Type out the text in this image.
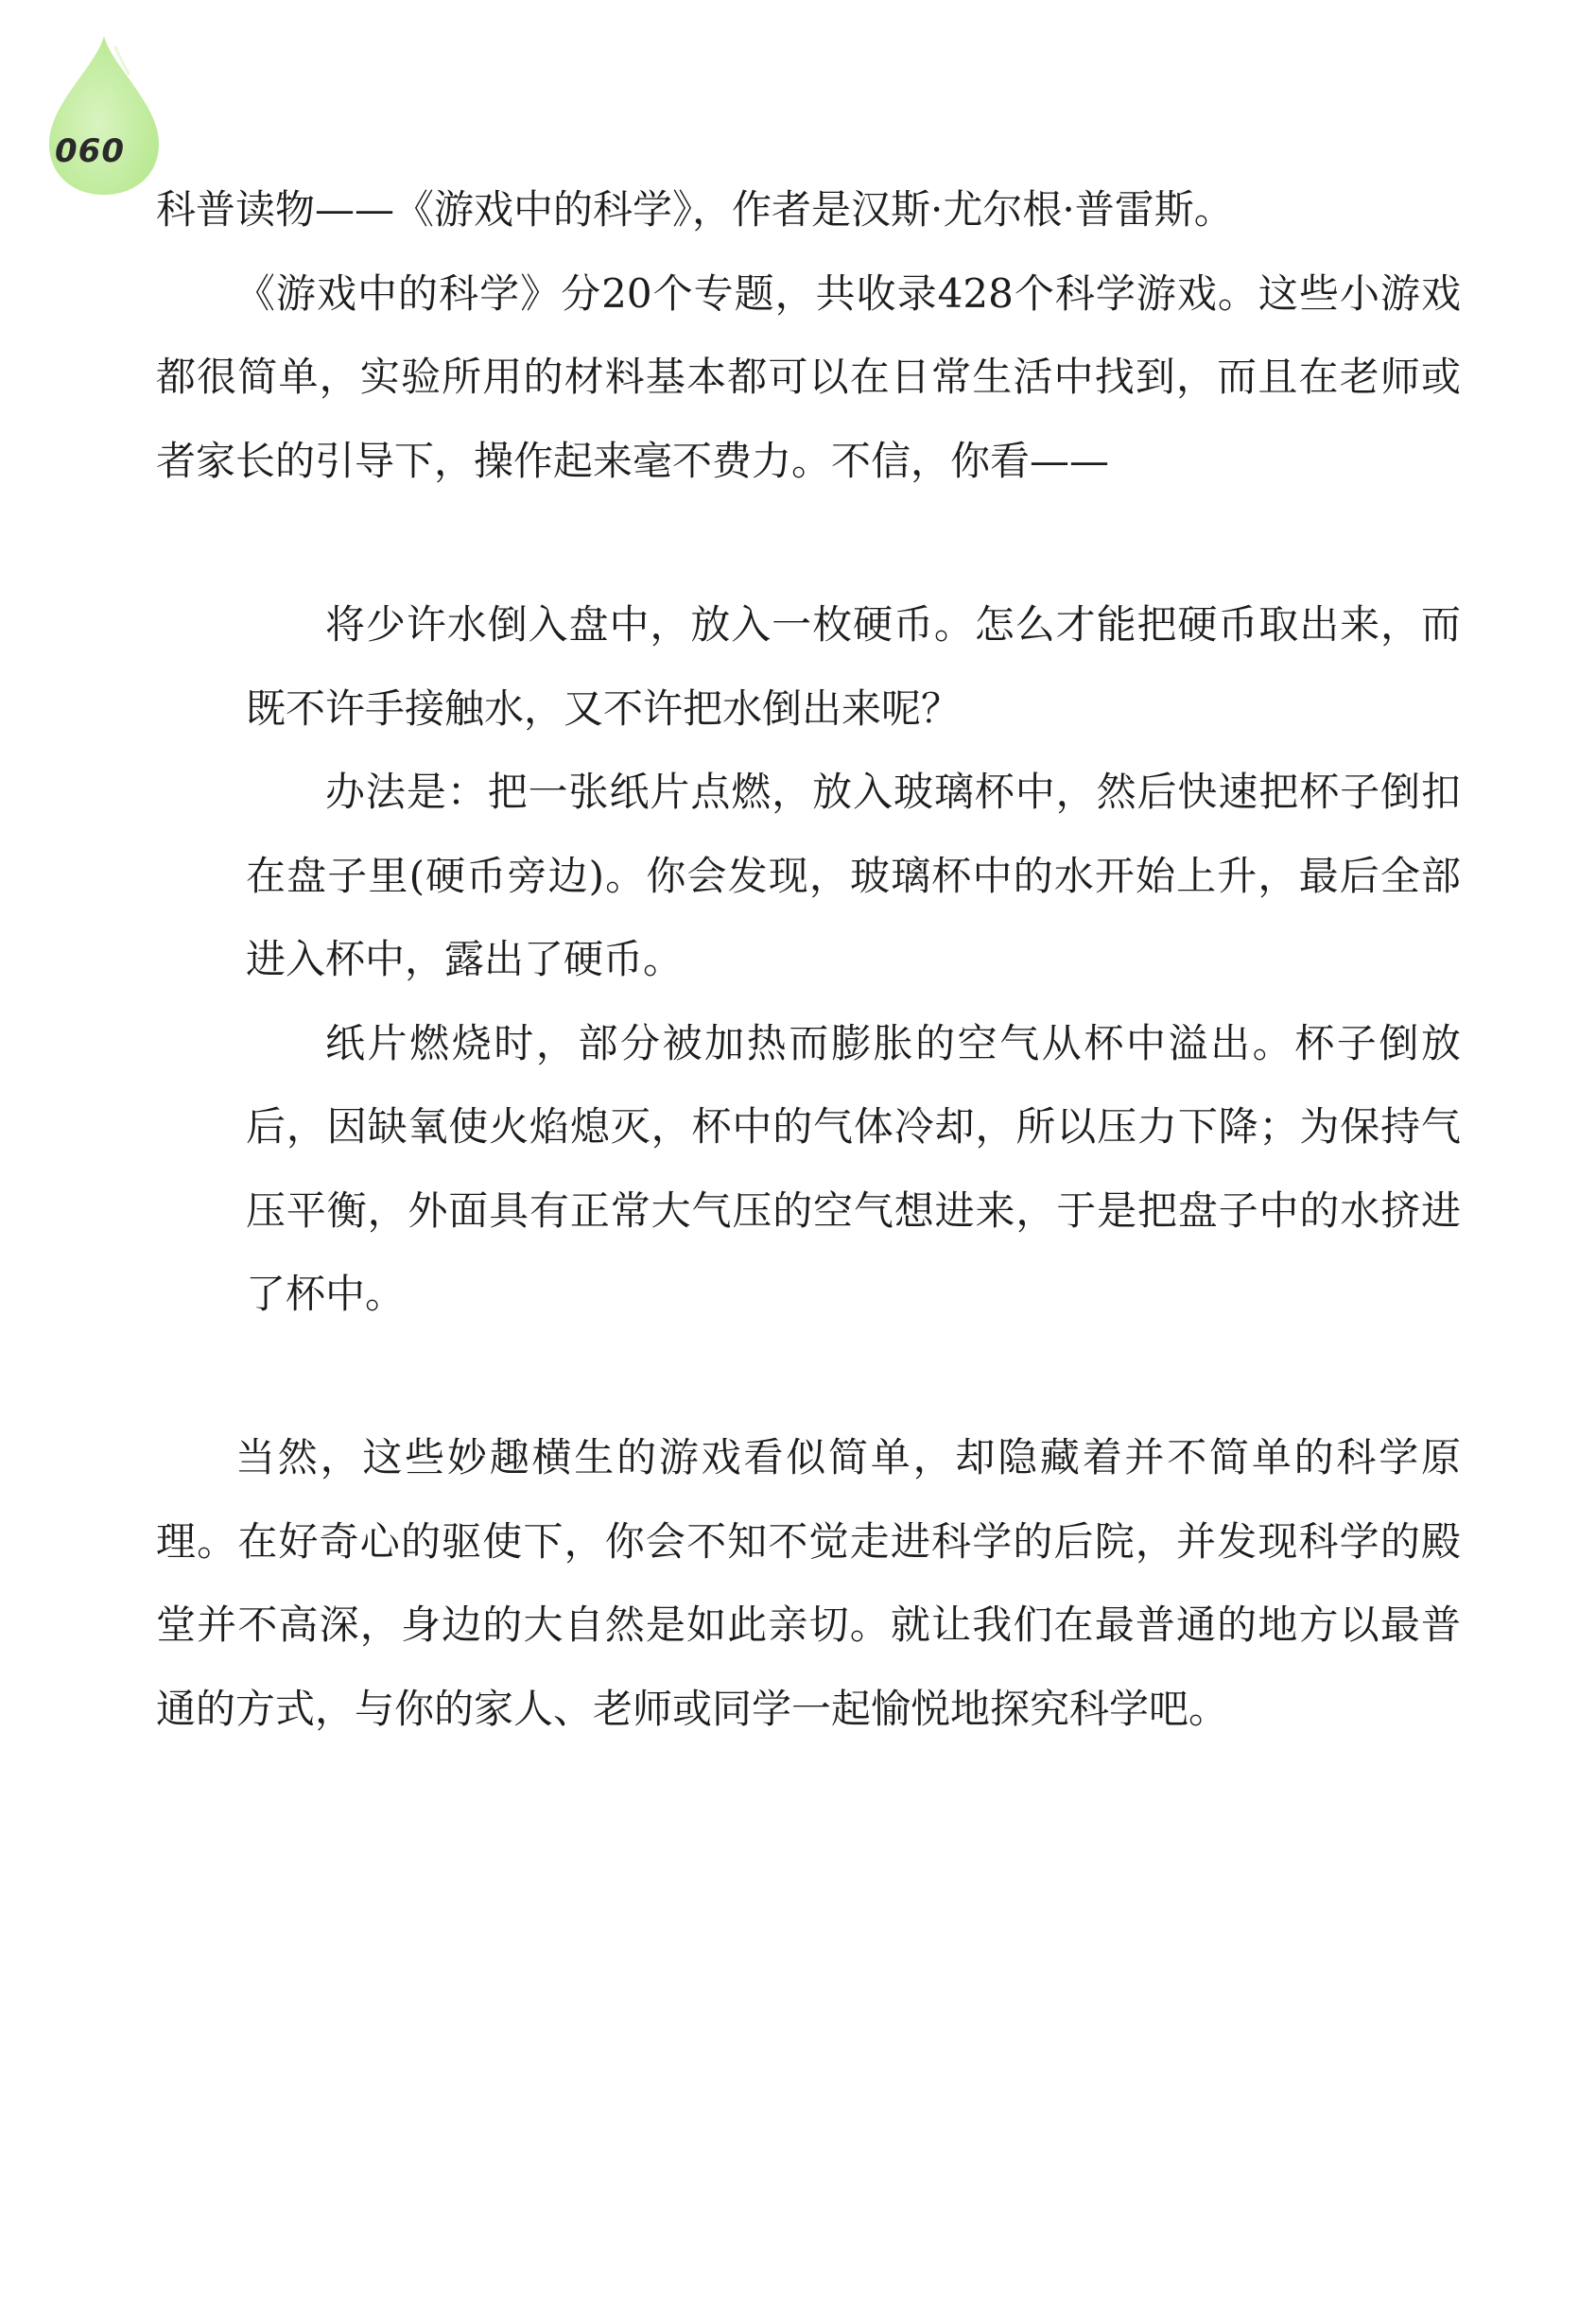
060
科普读物——《游戏中的科学》，作者是汉斯·尤尔根·普雷斯。
《游戏中的科学》分20个专题，共收录428个科学游戏。这些小游戏都很简单，实验所用的材料基本都可以在日常生活中找到，而且在老师或者家长的引导下，操作起来毫不费力。不信，你看——

将少许水倒入盘中，放入一枚硬币。怎么才能把硬币取出来，而既不许手接触水，又不许把水倒出来呢？

办法是：把一张纸片点燃，放入玻璃杯中，然后快速把杯子倒扣在盘子里(硬币旁边)。你会发现，玻璃杯中的水开始上升，最后全部进入杯中，露出了硬币。

纸片燃烧时，部分被加热而膨胀的空气从杯中溢出。杯子倒放后，因缺氧使火焰熄灭，杯中的气体冷却，所以压力下降；为保持气压平衡，外面具有正常大气压的空气想进来，于是把盘子中的水挤进了杯中。

当然，这些妙趣横生的游戏看似简单，却隐藏着并不简单的科学原理。在好奇心的驱使下，你会不知不觉走进科学的后院，并发现科学的殿堂并不高深，身边的大自然是如此亲切。就让我们在最普通的地方以最普通的方式，与你的家人、老师或同学一起愉悦地探究科学吧。
